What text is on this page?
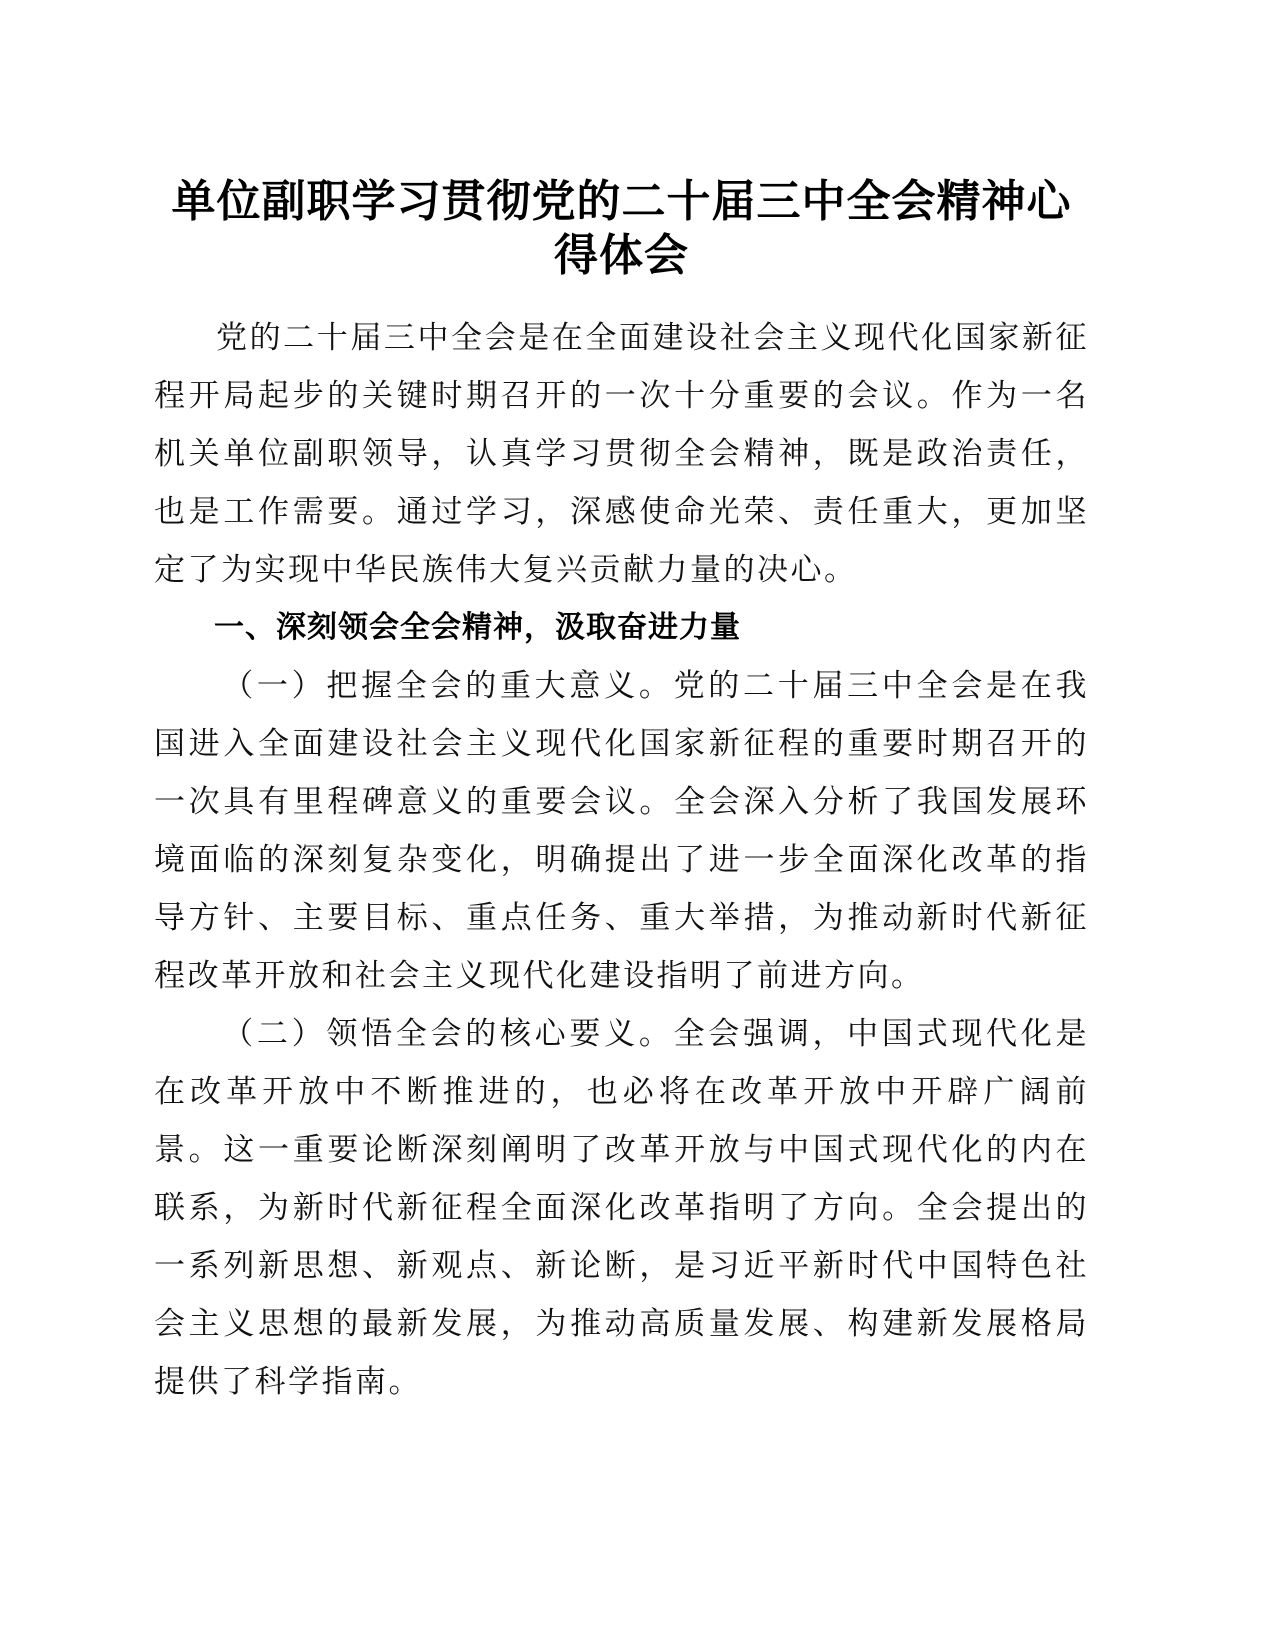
单位副职学习贯彻党的二十届三中全会精神心
得体会

党的二十届三中全会是在全面建设社会主义现代化国家新征程开局起步的关键时期召开的一次十分重要的会议。作为一名机关单位副职领导，认真学习贯彻全会精神，既是政治责任，也是工作需要。通过学习，深感使命光荣、责任重大，更加坚定了为实现中华民族伟大复兴贡献力量的决心。

一、深刻领会全会精神，汲取奋进力量

（一）把握全会的重大意义。党的二十届三中全会是在我国进入全面建设社会主义现代化国家新征程的重要时期召开的一次具有里程碑意义的重要会议。全会深入分析了我国发展环境面临的深刻复杂变化，明确提出了进一步全面深化改革的指导方针、主要目标、重点任务、重大举措，为推动新时代新征程改革开放和社会主义现代化建设指明了前进方向。

（二）领悟全会的核心要义。全会强调，中国式现代化是在改革开放中不断推进的，也必将在改革开放中开辟广阔前景。这一重要论断深刻阐明了改革开放与中国式现代化的内在联系，为新时代新征程全面深化改革指明了方向。全会提出的一系列新思想、新观点、新论断，是习近平新时代中国特色社会主义思想的最新发展，为推动高质量发展、构建新发展格局提供了科学指南。
